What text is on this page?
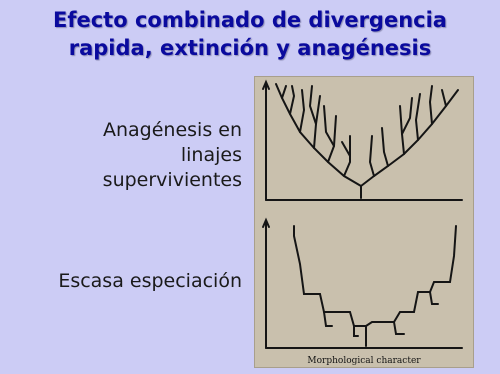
Efecto combinado de divergencia
rapida, extinción y anagénesis
Anagénesis en
linajes
supervivientes
Escasa especiación
Morphological character
